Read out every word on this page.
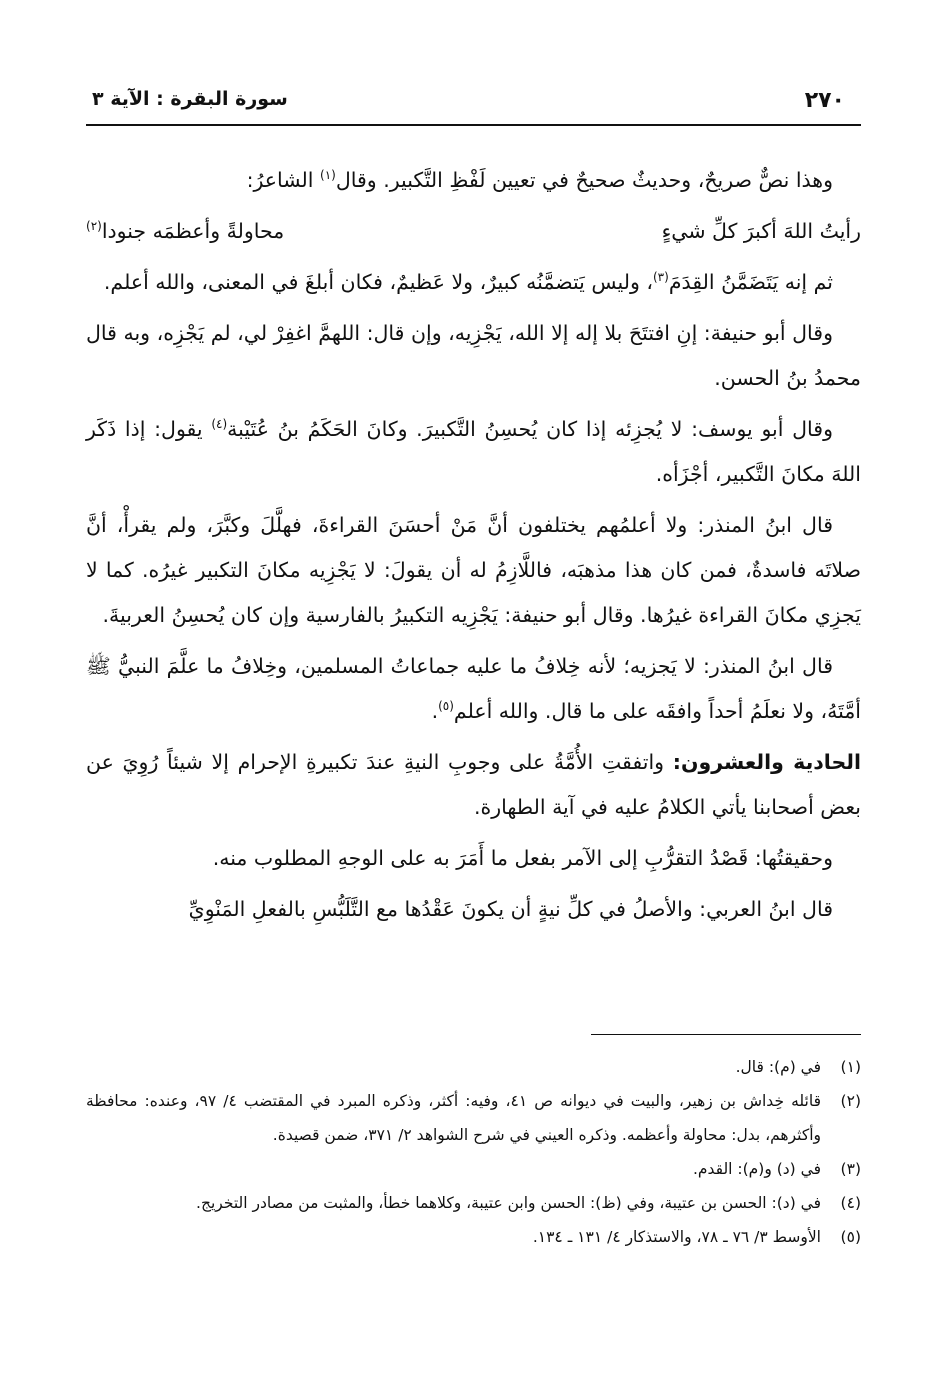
٢٧٠
سورة البقرة : الآية ٣

وهذا نصٌّ صريحٌ، وحديثٌ صحيحٌ في تعيين لَفْظِ التَّكبير. وقال$^{(١)}$ الشاعرُ:

رأيتُ اللهَ أكبرَ كلِّ شيءٍ
محاولةً وأعظمَه جنودا$^{(٢)}$

ثم إنه يَتَضَمَّنُ القِدَمَ$^{(٣)}$، وليس يَتضمَّنُه كبيرٌ، ولا عَظيمٌ، فكان أبلغَ في المعنى، والله أعلم.

وقال أبو حنيفة: إنِ افتتَحَ بلا إله إلا الله، يَجْزِيه، وإن قال: اللهمَّ اغفِرْ لي، لم يَجْزِه، وبه قال محمدُ بنُ الحسن.

وقال أبو يوسف: لا يُجزِئه إذا كان يُحسِنُ التَّكبيرَ. وكانَ الحَكَمُ بنُ عُتَيْبة$^{(٤)}$ يقول: إذا ذَكَر اللهَ مكانَ التَّكبير، أجْزَأه.

قال ابنُ المنذر: ولا أعلمُهم يختلفون أنَّ مَنْ أحسَنَ القراءةَ، فهلَّلَ وكبَّرَ، ولم يقرأْ، أنَّ صلاتَه فاسدةٌ، فمن كان هذا مذهبَه، فاللَّازِمُ له أن يقولَ: لا يَجْزِيه مكانَ التكبير غيرُه. كما لا يَجزِي مكانَ القراءة غيرُها. وقال أبو حنيفة: يَجْزِيه التكبيرُ بالفارسية وإن كان يُحسِنُ العربيةَ.

قال ابنُ المنذر: لا يَجزيه؛ لأنه خِلافُ ما عليه جماعاتُ المسلمين، وخِلافُ ما علَّمَ النبيُّ ﷺ أمَّتَهُ، ولا نعلَمُ أحداً وافقَه على ما قال. والله أعلم$^{(٥)}$.

الحادية والعشرون: واتفقتِ الأُمَّةُ على وجوبِ النيةِ عندَ تكبيرةِ الإحرام إلا شيئاً رُوِيَ عن بعض أصحابنا يأتي الكلامُ عليه في آية الطهارة.

وحقيقتُها: قَصْدُ التقرُّبِ إلى الآمر بفعل ما أَمَرَ به على الوجهِ المطلوب منه.

قال ابنُ العربي: والأصلُ في كلِّ نيةٍ أن يكونَ عَقْدُها مع التَّلَبُّسِ بالفعلِ المَنْوِيِّ

(١)
في (م): قال.
(٢)
قائله خِداش بن زهير، والبيت في ديوانه ص ٤١، وفيه: أكثر، وذكره المبرد في المقتضب ٤/ ٩٧، وعنده: محافظة وأكثرهم، بدل: محاولة وأعظمه. وذكره العيني في شرح الشواهد ٢/ ٣٧١، ضمن قصيدة.
(٣)
في (د) و(م): القدم.
(٤)
في (د): الحسن بن عتيبة، وفي (ظ): الحسن وابن عتيبة، وكلاهما خطأ، والمثبت من مصادر التخريج.
(٥)
الأوسط ٣/ ٧٦ ـ ٧٨، والاستذكار ٤/ ١٣١ ـ ١٣٤.
